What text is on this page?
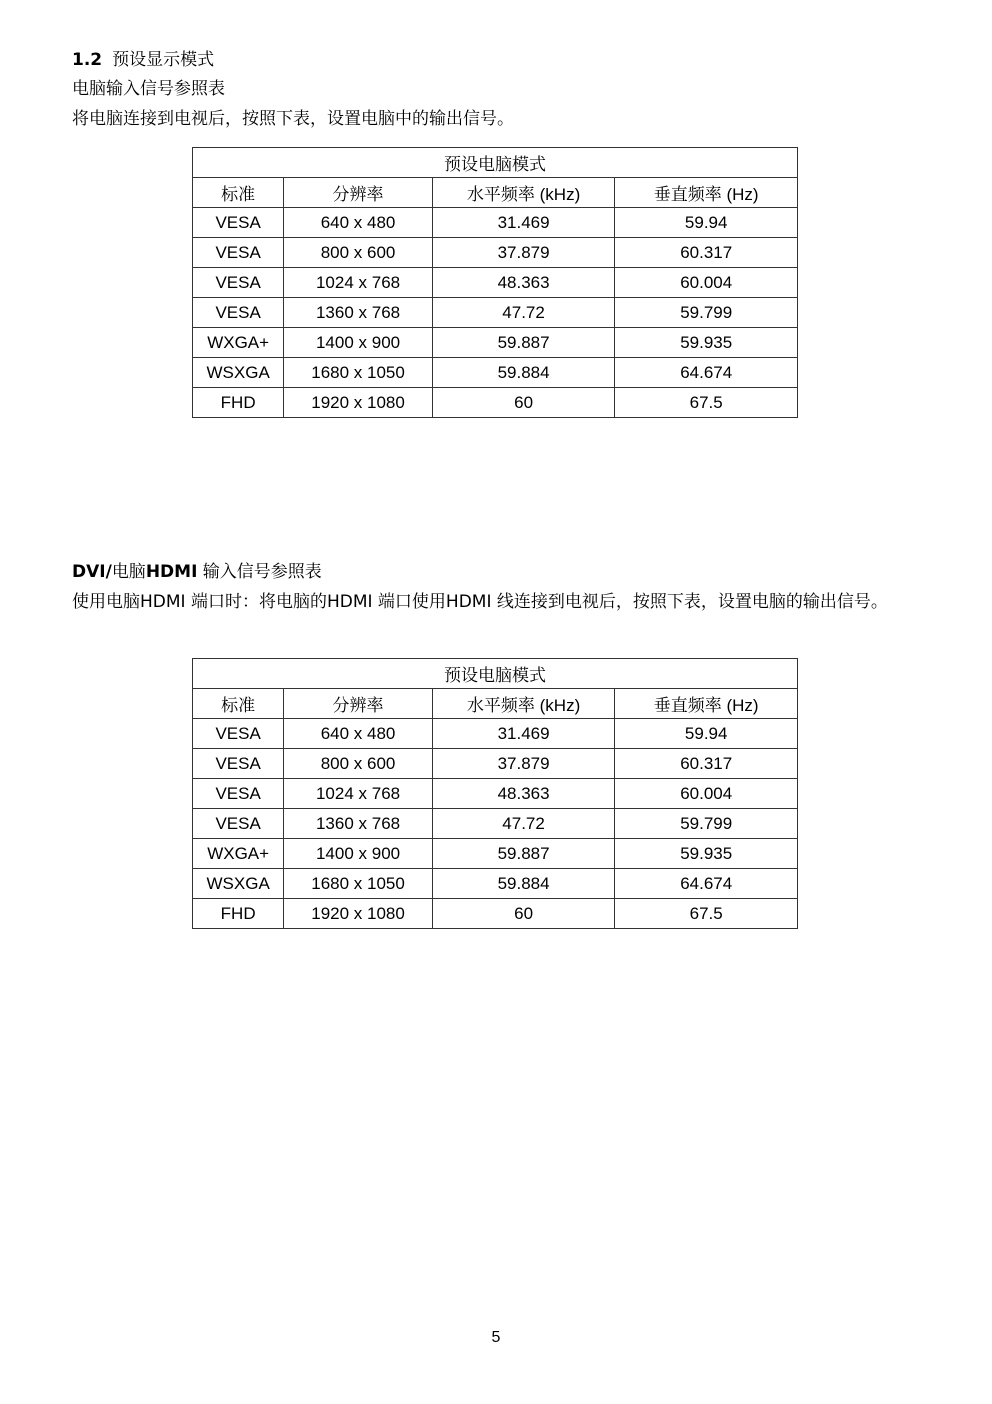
1.2 预设显示模式
电脑输入信号参照表
将电脑连接到电视后，按照下表，设置电脑中的输出信号。
预设电脑模式			
标准	分辨率	水平频率 (kHz)	垂直频率 (Hz)
VESA	640 x 480	31.469	59.94
VESA	800 x 600	37.879	60.317
VESA	1024 x 768	48.363	60.004
VESA	1360 x 768	47.72	59.799
WXGA+	1400 x 900	59.887	59.935
WSXGA	1680 x 1050	59.884	64.674
FHD	1920 x 1080	60	67.5
DVI/电脑HDMI 输入信号参照表
使用电脑HDMI 端口时：将电脑的HDMI 端口使用HDMI 线连接到电视后，按照下表，设置电脑的输出信号。
预设电脑模式			
标准	分辨率	水平频率 (kHz)	垂直频率 (Hz)
VESA	640 x 480	31.469	59.94
VESA	800 x 600	37.879	60.317
VESA	1024 x 768	48.363	60.004
VESA	1360 x 768	47.72	59.799
WXGA+	1400 x 900	59.887	59.935
WSXGA	1680 x 1050	59.884	64.674
FHD	1920 x 1080	60	67.5
5
